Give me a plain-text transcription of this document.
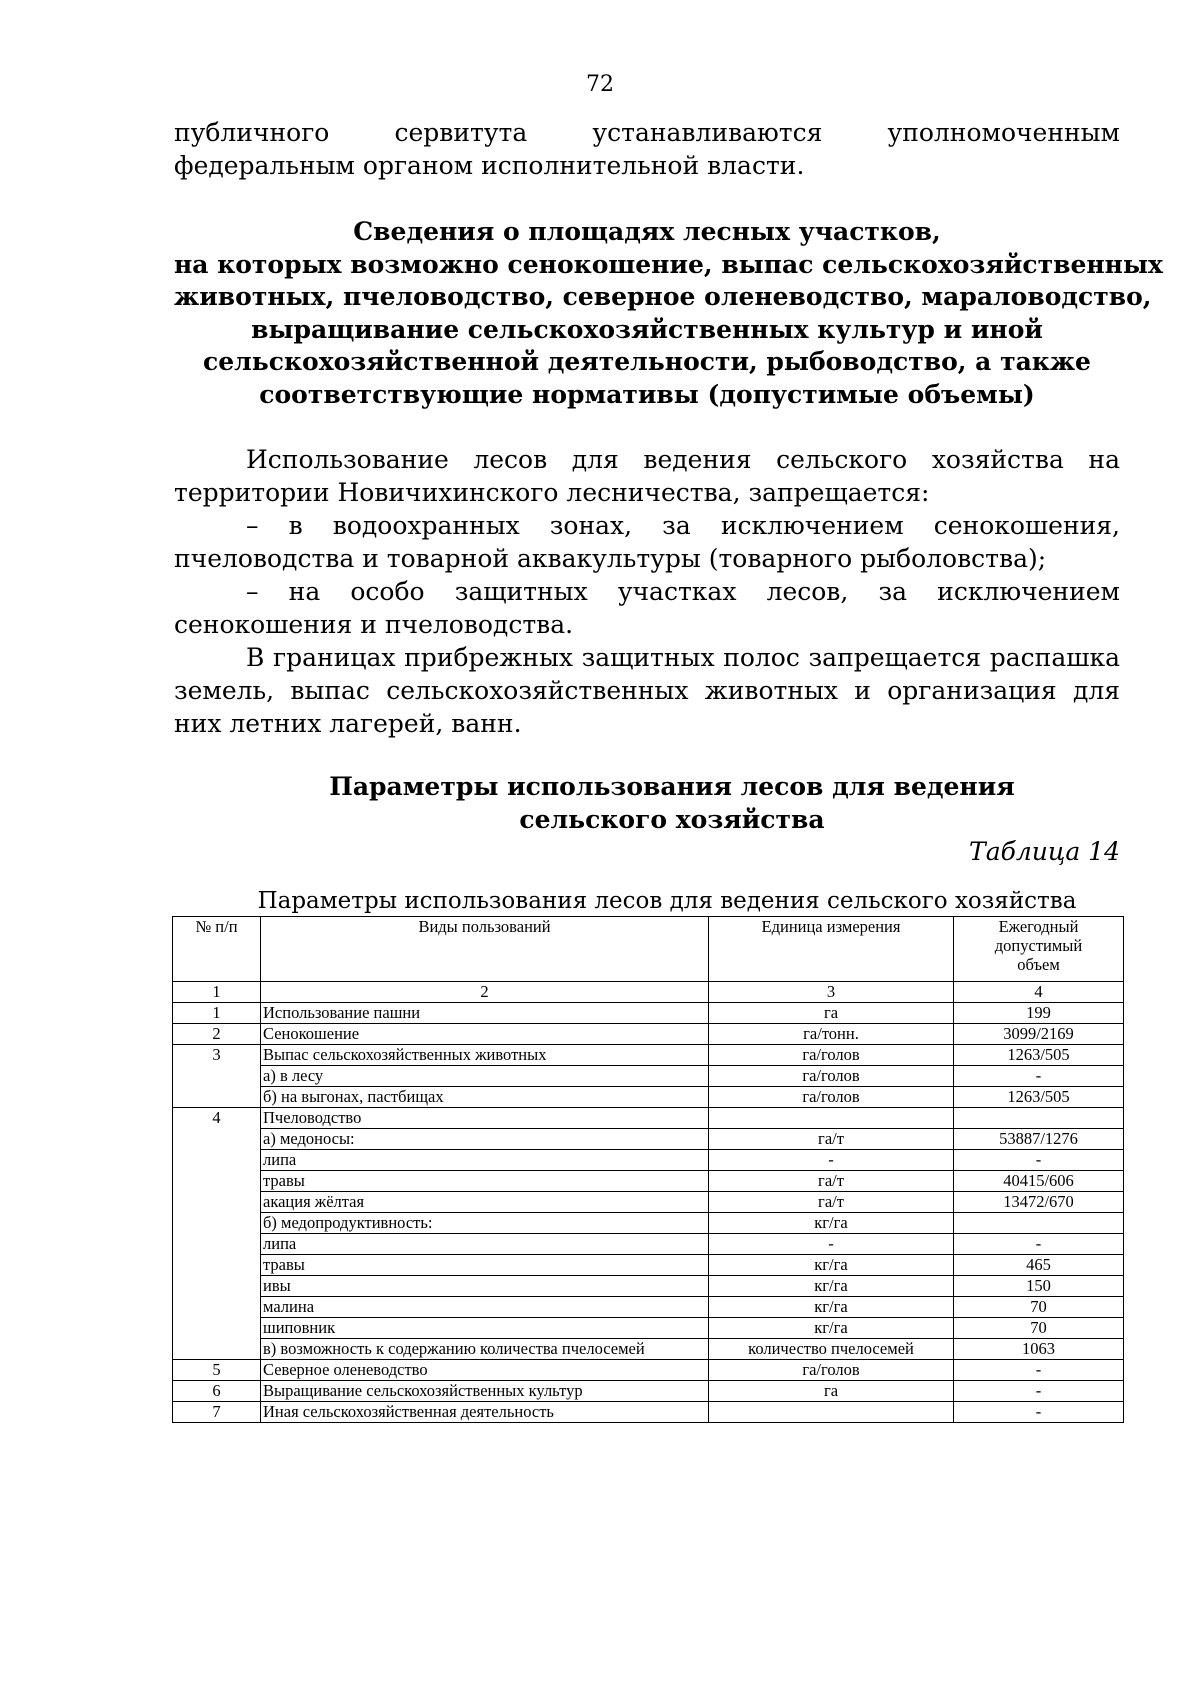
72

публичного сервитута устанавливаются уполномоченным федеральным органом исполнительной власти.

Сведения о площадях лесных участков,
на которых возможно сенокошение, выпас сельскохозяйственных
животных, пчеловодство, северное оленеводство, мараловодство,
выращивание сельскохозяйственных культур и иной
сельскохозяйственной деятельности, рыбоводство, а также
соответствующие нормативы (допустимые объемы)

Использование лесов для ведения сельского хозяйства на территории Новичихинского лесничества, запрещается:

– в водоохранных зонах, за исключением сенокошения, пчеловодства и товарной аквакультуры (товарного рыболовства);

– на особо защитных участках лесов, за исключением сенокошения и пчеловодства.

В границах прибрежных защитных полос запрещается распашка земель, выпас сельскохозяйственных животных и организация для них летних лагерей, ванн.

Параметры использования лесов для ведения
сельского хозяйства
Таблица 14
Параметры использования лесов для ведения сельского хозяйства
№ п/п	Виды пользований	Единица измерения	Ежегодный
допустимый
объем

1	2	3	4
1	Использование пашни	га	199
2	Сенокошение	га/тонн.	3099/2169
3	Выпас сельскохозяйственных животных	га/голов	1263/505
	а) в лесу	га/голов	-
	б) на выгонах, пастбищах	га/голов	1263/505
4	Пчеловодство		
	а) медоносы:	га/т	53887/1276
	липа	-	-
	травы	га/т	40415/606
	акация жёлтая	га/т	13472/670
	б) медопродуктивность:	кг/га	
	липа	-	-
	травы	кг/га	465
	ивы	кг/га	150
	малина	кг/га	70
	шиповник	кг/га	70
	в) возможность к содержанию количества пчелосемей	количество пчелосемей	1063
5	Северное оленеводство	га/голов	-
6	Выращивание сельскохозяйственных культур	га	-
7	Иная сельскохозяйственная деятельность		-
